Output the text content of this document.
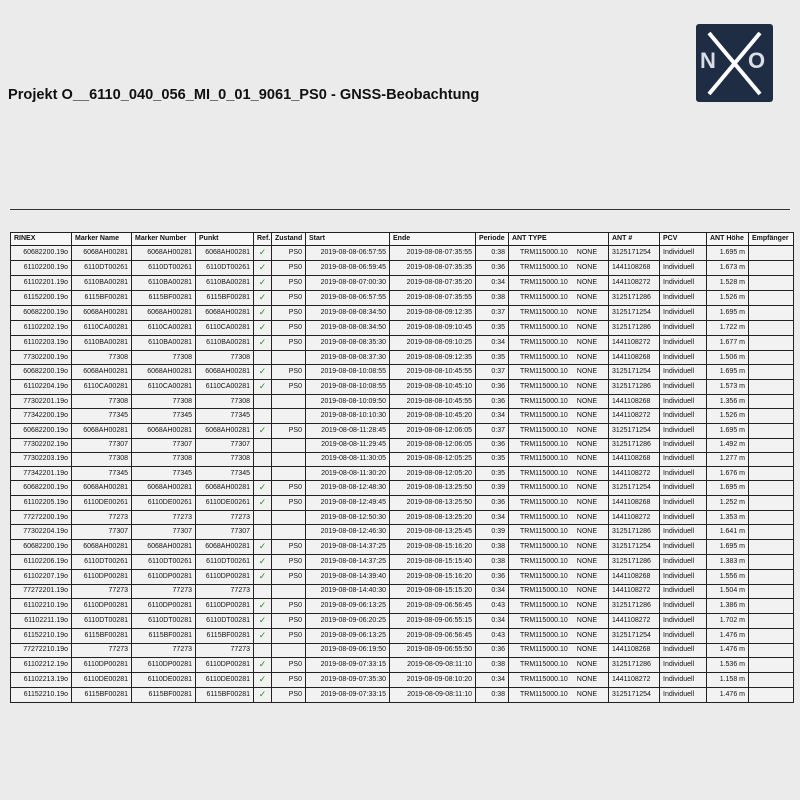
N O
Projekt O__6110_040_056_MI_0_01_9061_PS0 - GNSS-Beobachtung
RINEX	Marker Name	Marker Number	Punkt	Ref.	Zustand	Start	Ende	Periode	ANT TYPE	ANT #	PCV	ANT Höhe	Empfänger
60682200.19o	6068AH00281	6068AH00281	6068AH00281	✓	PS0	2019-08-08-06:57:55	2019-08-08-07:35:55	0:38	TRM115000.10 NONE	3125171254	Individuell	1.695 m	
61102200.19o	6110DT00261	6110DT00261	6110DT00261	✓	PS0	2019-08-08-06:59:45	2019-08-08-07:35:35	0:36	TRM115000.10 NONE	1441108268	Individuell	1.673 m	
61102201.19o	6110BA00281	6110BA00281	6110BA00281	✓	PS0	2019-08-08-07:00:30	2019-08-08-07:35:20	0:34	TRM115000.10 NONE	1441108272	Individuell	1.528 m	
61152200.19o	6115BF00281	6115BF00281	6115BF00281	✓	PS0	2019-08-08-06:57:55	2019-08-08-07:35:55	0:38	TRM115000.10 NONE	3125171286	Individuell	1.526 m	
60682200.19o	6068AH00281	6068AH00281	6068AH00281	✓	PS0	2019-08-08-08:34:50	2019-08-08-09:12:35	0:37	TRM115000.10 NONE	3125171254	Individuell	1.695 m	
61102202.19o	6110CA00281	6110CA00281	6110CA00281	✓	PS0	2019-08-08-08:34:50	2019-08-08-09:10:45	0:35	TRM115000.10 NONE	3125171286	Individuell	1.722 m	
61102203.19o	6110BA00281	6110BA00281	6110BA00281	✓	PS0	2019-08-08-08:35:30	2019-08-08-09:10:25	0:34	TRM115000.10 NONE	1441108272	Individuell	1.677 m	
77302200.19o	77308	77308	77308			2019-08-08-08:37:30	2019-08-08-09:12:35	0:35	TRM115000.10 NONE	1441108268	Individuell	1.506 m	
60682200.19o	6068AH00281	6068AH00281	6068AH00281	✓	PS0	2019-08-08-10:08:55	2019-08-08-10:45:55	0:37	TRM115000.10 NONE	3125171254	Individuell	1.695 m	
61102204.19o	6110CA00281	6110CA00281	6110CA00281	✓	PS0	2019-08-08-10:08:55	2019-08-08-10:45:10	0:36	TRM115000.10 NONE	3125171286	Individuell	1.573 m	
77302201.19o	77308	77308	77308			2019-08-08-10:09:50	2019-08-08-10:45:55	0:36	TRM115000.10 NONE	1441108268	Individuell	1.356 m	
77342200.19o	77345	77345	77345			2019-08-08-10:10:30	2019-08-08-10:45:20	0:34	TRM115000.10 NONE	1441108272	Individuell	1.526 m	
60682200.19o	6068AH00281	6068AH00281	6068AH00281	✓	PS0	2019-08-08-11:28:45	2019-08-08-12:06:05	0:37	TRM115000.10 NONE	3125171254	Individuell	1.695 m	
77302202.19o	77307	77307	77307			2019-08-08-11:29:45	2019-08-08-12:06:05	0:36	TRM115000.10 NONE	3125171286	Individuell	1.492 m	
77302203.19o	77308	77308	77308			2019-08-08-11:30:05	2019-08-08-12:05:25	0:35	TRM115000.10 NONE	1441108268	Individuell	1.277 m	
77342201.19o	77345	77345	77345			2019-08-08-11:30:20	2019-08-08-12:05:20	0:35	TRM115000.10 NONE	1441108272	Individuell	1.676 m	
60682200.19o	6068AH00281	6068AH00281	6068AH00281	✓	PS0	2019-08-08-12:48:30	2019-08-08-13:25:50	0:39	TRM115000.10 NONE	3125171254	Individuell	1.695 m	
61102205.19o	6110DE00261	6110DE00261	6110DE00261	✓	PS0	2019-08-08-12:49:45	2019-08-08-13:25:50	0:36	TRM115000.10 NONE	1441108268	Individuell	1.252 m	
77272200.19o	77273	77273	77273			2019-08-08-12:50:30	2019-08-08-13:25:20	0:34	TRM115000.10 NONE	1441108272	Individuell	1.353 m	
77302204.19o	77307	77307	77307			2019-08-08-12:46:30	2019-08-08-13:25:45	0:39	TRM115000.10 NONE	3125171286	Individuell	1.641 m	
60682200.19o	6068AH00281	6068AH00281	6068AH00281	✓	PS0	2019-08-08-14:37:25	2019-08-08-15:16:20	0:38	TRM115000.10 NONE	3125171254	Individuell	1.695 m	
61102206.19o	6110DT00261	6110DT00261	6110DT00261	✓	PS0	2019-08-08-14:37:25	2019-08-08-15:15:40	0:38	TRM115000.10 NONE	3125171286	Individuell	1.383 m	
61102207.19o	6110DP00281	6110DP00281	6110DP00281	✓	PS0	2019-08-08-14:39:40	2019-08-08-15:16:20	0:36	TRM115000.10 NONE	1441108268	Individuell	1.556 m	
77272201.19o	77273	77273	77273			2019-08-08-14:40:30	2019-08-08-15:15:20	0:34	TRM115000.10 NONE	1441108272	Individuell	1.504 m	
61102210.19o	6110DP00281	6110DP00281	6110DP00281	✓	PS0	2019-08-09-06:13:25	2019-08-09-06:56:45	0:43	TRM115000.10 NONE	3125171286	Individuell	1.386 m	
61102211.19o	6110DT00281	6110DT00281	6110DT00281	✓	PS0	2019-08-09-06:20:25	2019-08-09-06:55:15	0:34	TRM115000.10 NONE	1441108272	Individuell	1.702 m	
61152210.19o	6115BF00281	6115BF00281	6115BF00281	✓	PS0	2019-08-09-06:13:25	2019-08-09-06:56:45	0:43	TRM115000.10 NONE	3125171254	Individuell	1.476 m	
77272210.19o	77273	77273	77273			2019-08-09-06:19:50	2019-08-09-06:55:50	0:36	TRM115000.10 NONE	1441108268	Individuell	1.476 m	
61102212.19o	6110DP00281	6110DP00281	6110DP00281	✓	PS0	2019-08-09-07:33:15	2019-08-09-08:11:10	0:38	TRM115000.10 NONE	3125171286	Individuell	1.536 m	
61102213.19o	6110DE00281	6110DE00281	6110DE00281	✓	PS0	2019-08-09-07:35:30	2019-08-09-08:10:20	0:34	TRM115000.10 NONE	1441108272	Individuell	1.158 m	
61152210.19o	6115BF00281	6115BF00281	6115BF00281	✓	PS0	2019-08-09-07:33:15	2019-08-09-08:11:10	0:38	TRM115000.10 NONE	3125171254	Individuell	1.476 m	
